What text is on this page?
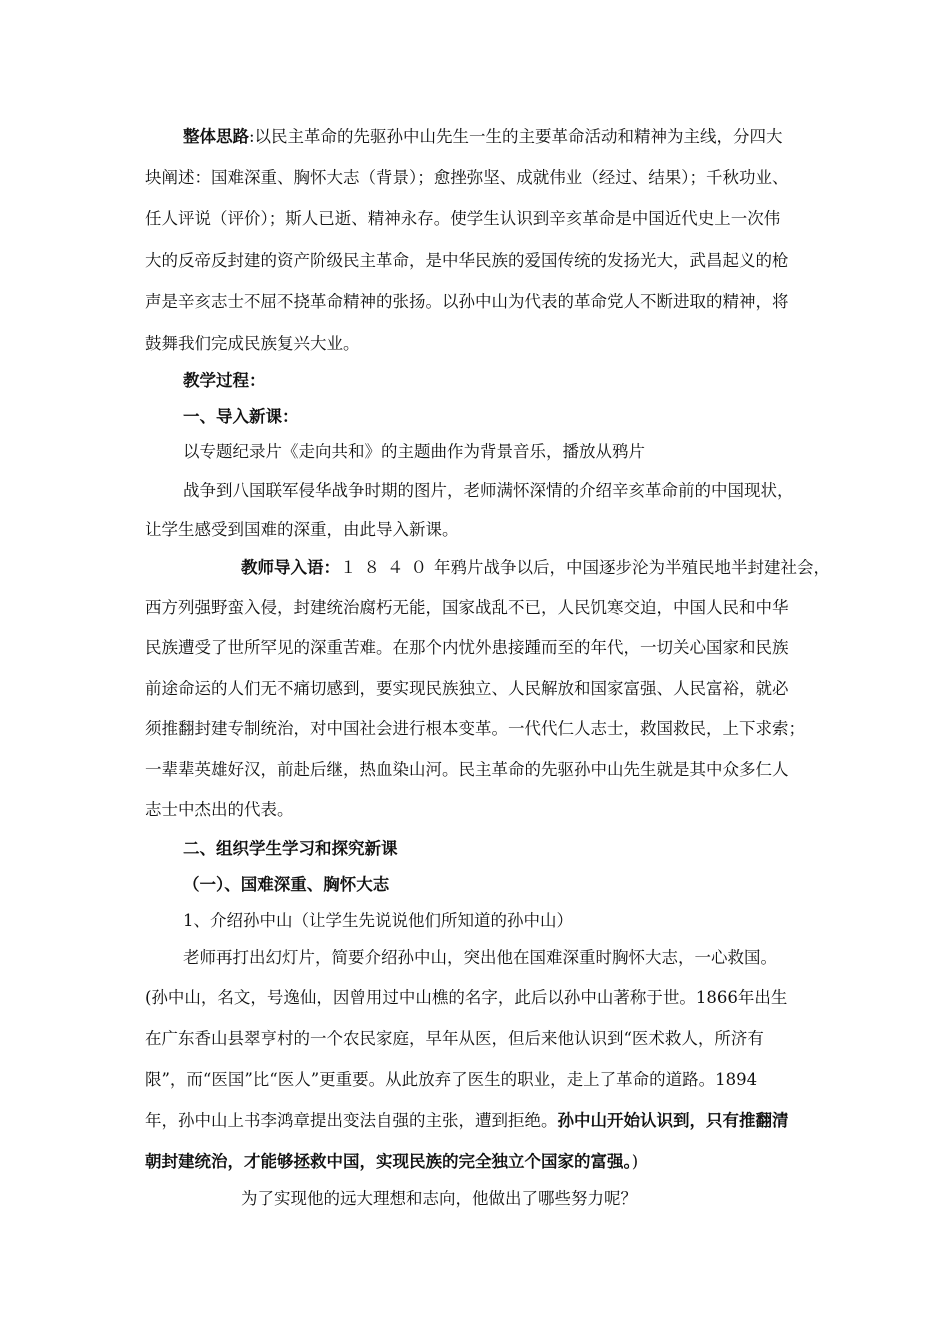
整体思路:以民主革命的先驱孙中山先生一生的主要革命活动和精神为主线，分四大
块阐述：国难深重、胸怀大志（背景）；愈挫弥坚、成就伟业（经过、结果）；千秋功业、
任人评说（评价）；斯人已逝、精神永存。使学生认识到辛亥革命是中国近代史上一次伟
大的反帝反封建的资产阶级民主革命，是中华民族的爱国传统的发扬光大，武昌起义的枪
声是辛亥志士不屈不挠革命精神的张扬。以孙中山为代表的革命党人不断进取的精神，将
鼓舞我们完成民族复兴大业。
教学过程：
一、导入新课：
以专题纪录片《走向共和》的主题曲作为背景音乐，播放从鸦片
战争到八国联军侵华战争时期的图片，老师满怀深情的介绍辛亥革命前的中国现状，
让学生感受到国难的深重，由此导入新课。
教师导入语：１８４０年鸦片战争以后，中国逐步沦为半殖民地半封建社会，
西方列强野蛮入侵，封建统治腐朽无能，国家战乱不已，人民饥寒交迫，中国人民和中华
民族遭受了世所罕见的深重苦难。在那个内忧外患接踵而至的年代，一切关心国家和民族
前途命运的人们无不痛切感到，要实现民族独立、人民解放和国家富强、人民富裕，就必
须推翻封建专制统治，对中国社会进行根本变革。一代代仁人志士，救国救民，上下求索；
一辈辈英雄好汉，前赴后继，热血染山河。民主革命的先驱孙中山先生就是其中众多仁人
志士中杰出的代表。
二、组织学生学习和探究新课
（一）、国难深重、胸怀大志
1、介绍孙中山（让学生先说说他们所知道的孙中山）
老师再打出幻灯片，简要介绍孙中山，突出他在国难深重时胸怀大志，一心救国。
(孙中山，名文，号逸仙，因曾用过中山樵的名字，此后以孙中山著称于世。1866年出生
在广东香山县翠亨村的一个农民家庭，早年从医，但后来他认识到“医术救人，所济有
限”，而“医国”比“医人”更重要。从此放弃了医生的职业，走上了革命的道路。1894
年，孙中山上书李鸿章提出变法自强的主张，遭到拒绝。孙中山开始认识到，只有推翻清
朝封建统治，才能够拯救中国，实现民族的完全独立个国家的富强。)
为了实现他的远大理想和志向，他做出了哪些努力呢？
